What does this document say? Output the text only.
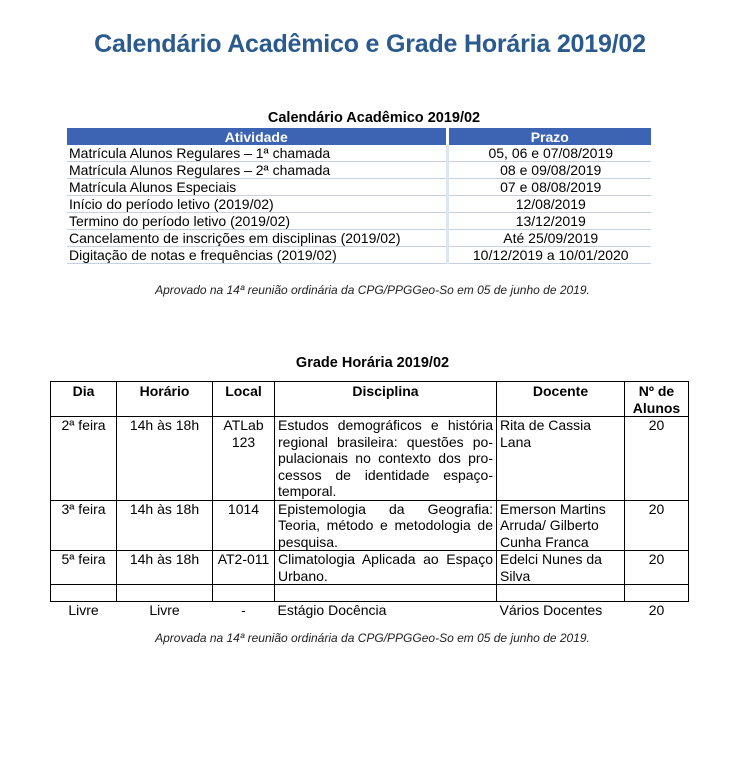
Calendário Acadêmico e Grade Horária 2019/02
Calendário Acadêmico 2019/02
Atividade	Prazo
Matrícula Alunos Regulares – 1ª chamada	05, 06 e 07/08/2019
Matrícula Alunos Regulares – 2ª chamada	08 e 09/08/2019
Matrícula Alunos Especiais	07 e 08/08/2019
Início do período letivo (2019/02)	12/08/2019
Termino do período letivo (2019/02)	13/12/2019
Cancelamento de inscrições em disciplinas (2019/02)	Até 25/09/2019
Digitação de notas e frequências (2019/02)	10/12/2019 a 10/01/2020
Aprovado na 14ª reunião ordinária da CPG/PPGGeo-So em 05 de junho de 2019.
Grade Horária 2019/02
Dia	Horário	Local	Disciplina	Docente	Nº de Alunos
2ª feira	14h às 18h	ATLab 123	Estudos demográficos e história regional brasileira: questões po-pulacionais no contexto dos pro-cessos de identidade espaço-temporal.	Rita de Cassia Lana	20
3ª feira	14h às 18h	1014	Epistemologia da Geografia: Teoria, método e metodologia de pesquisa.	Emerson Martins Arruda/ Gilberto Cunha Franca	20
5ª feira	14h às 18h	AT2-011	Climatologia Aplicada ao Espaço Urbano.	Edelci Nunes da Silva	20

Livre	Livre	-	Estágio Docência	Vários Docentes	20
Aprovada na 14ª reunião ordinária da CPG/PPGGeo-So em 05 de junho de 2019.
